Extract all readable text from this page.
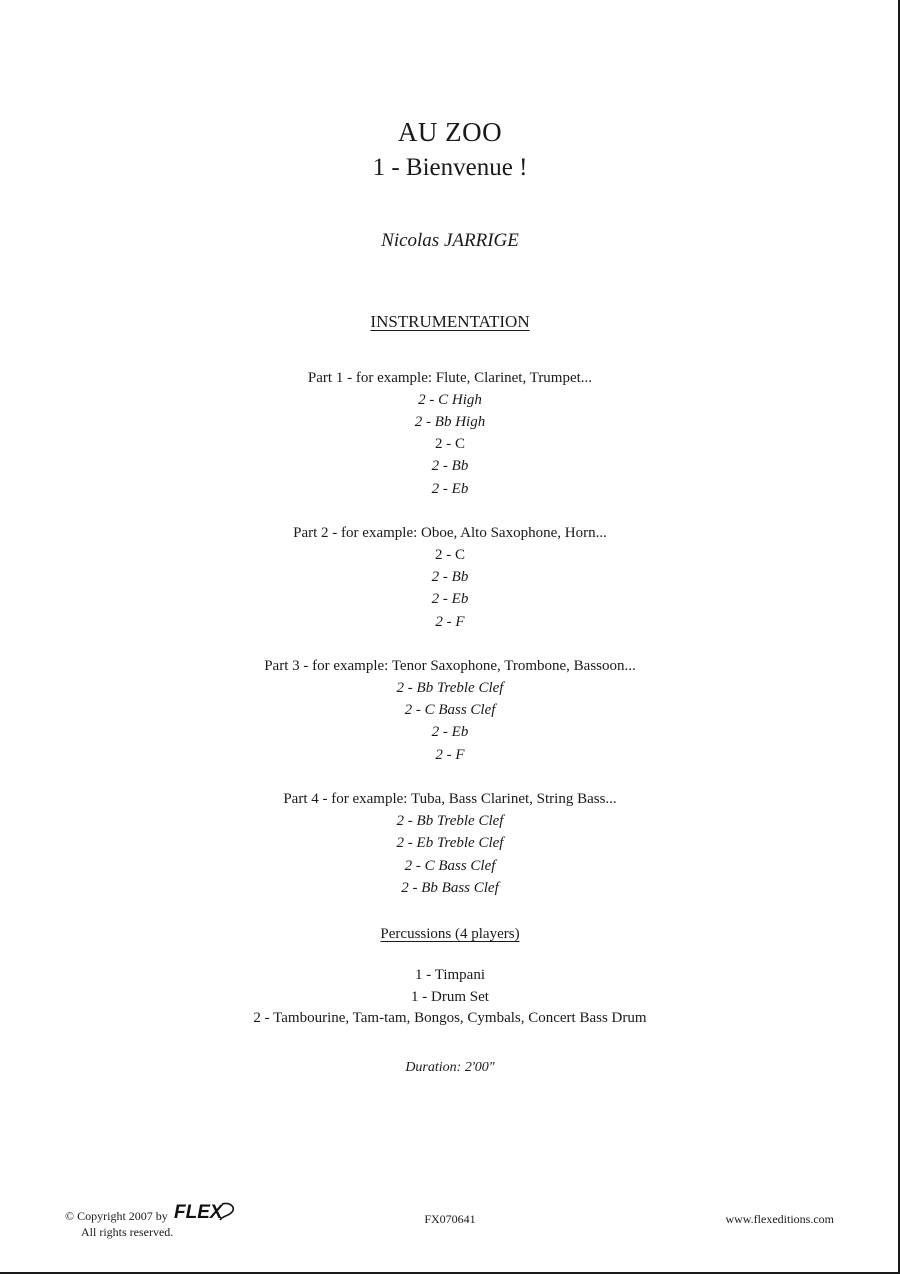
AU ZOO
1 - Bienvenue !
Nicolas JARRIGE
INSTRUMENTATION
Part 1 - for example: Flute, Clarinet, Trumpet...
2 - C High
2 - Bb High
2 - C
2 - Bb
2 - Eb
Part 2 - for example: Oboe, Alto Saxophone, Horn...
2 - C
2 - Bb
2 - Eb
2 - F
Part 3 - for example: Tenor Saxophone, Trombone, Bassoon...
2 - Bb Treble Clef
2 - C Bass Clef
2 - Eb
2 - F
Part 4 - for example: Tuba, Bass Clarinet, String Bass...
2 - Bb Treble Clef
2 - Eb Treble Clef
2 - C Bass Clef
2 - Bb Bass Clef
Percussions (4 players)
1 - Timpani
1 - Drum Set
2 - Tambourine, Tam-tam, Bongos, Cymbals, Concert Bass Drum
Duration: 2'00"
© Copyright 2007 by FLEX
All rights reserved.
FX070641	www.flexeditions.com
